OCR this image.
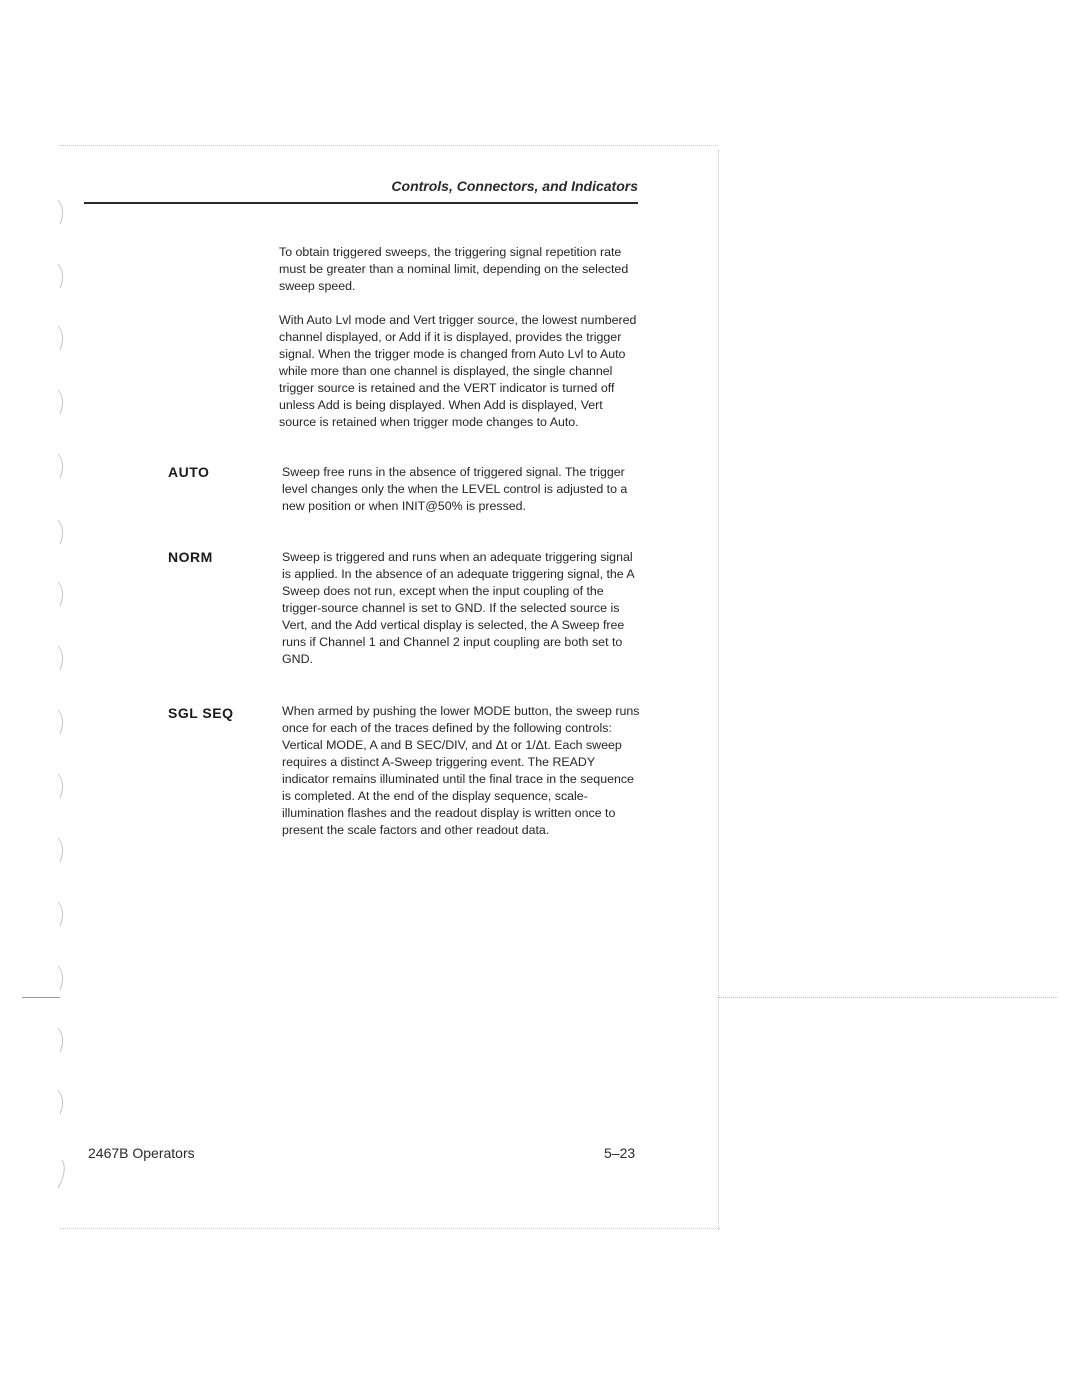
Controls, Connectors, and Indicators
To obtain triggered sweeps, the triggering signal repetition rate must be greater than a nominal limit, depending on the selected sweep speed.
With Auto Lvl mode and Vert trigger source, the lowest numbered channel displayed, or Add if it is displayed, provides the trigger signal. When the trigger mode is changed from Auto Lvl to Auto while more than one channel is displayed, the single channel trigger source is retained and the VERT indicator is turned off unless Add is being displayed. When Add is displayed, Vert source is retained when trigger mode changes to Auto.
AUTO	Sweep free runs in the absence of triggered signal. The trigger level changes only the when the LEVEL control is adjusted to a new position or when INIT@50% is pressed.
NORM	Sweep is triggered and runs when an adequate triggering signal is applied. In the absence of an adequate triggering signal, the A Sweep does not run, except when the input coupling of the trigger-source channel is set to GND. If the selected source is Vert, and the Add vertical display is selected, the A Sweep free runs if Channel 1 and Channel 2 input coupling are both set to GND.
SGL SEQ	When armed by pushing the lower MODE button, the sweep runs once for each of the traces defined by the following controls: Vertical MODE, A and B SEC/DIV, and Δt or 1/Δt. Each sweep requires a distinct A-Sweep triggering event. The READY indicator remains illuminated until the final trace in the sequence is completed. At the end of the display sequence, scale-illumination flashes and the readout display is written once to present the scale factors and other readout data.
2467B Operators	5–23
